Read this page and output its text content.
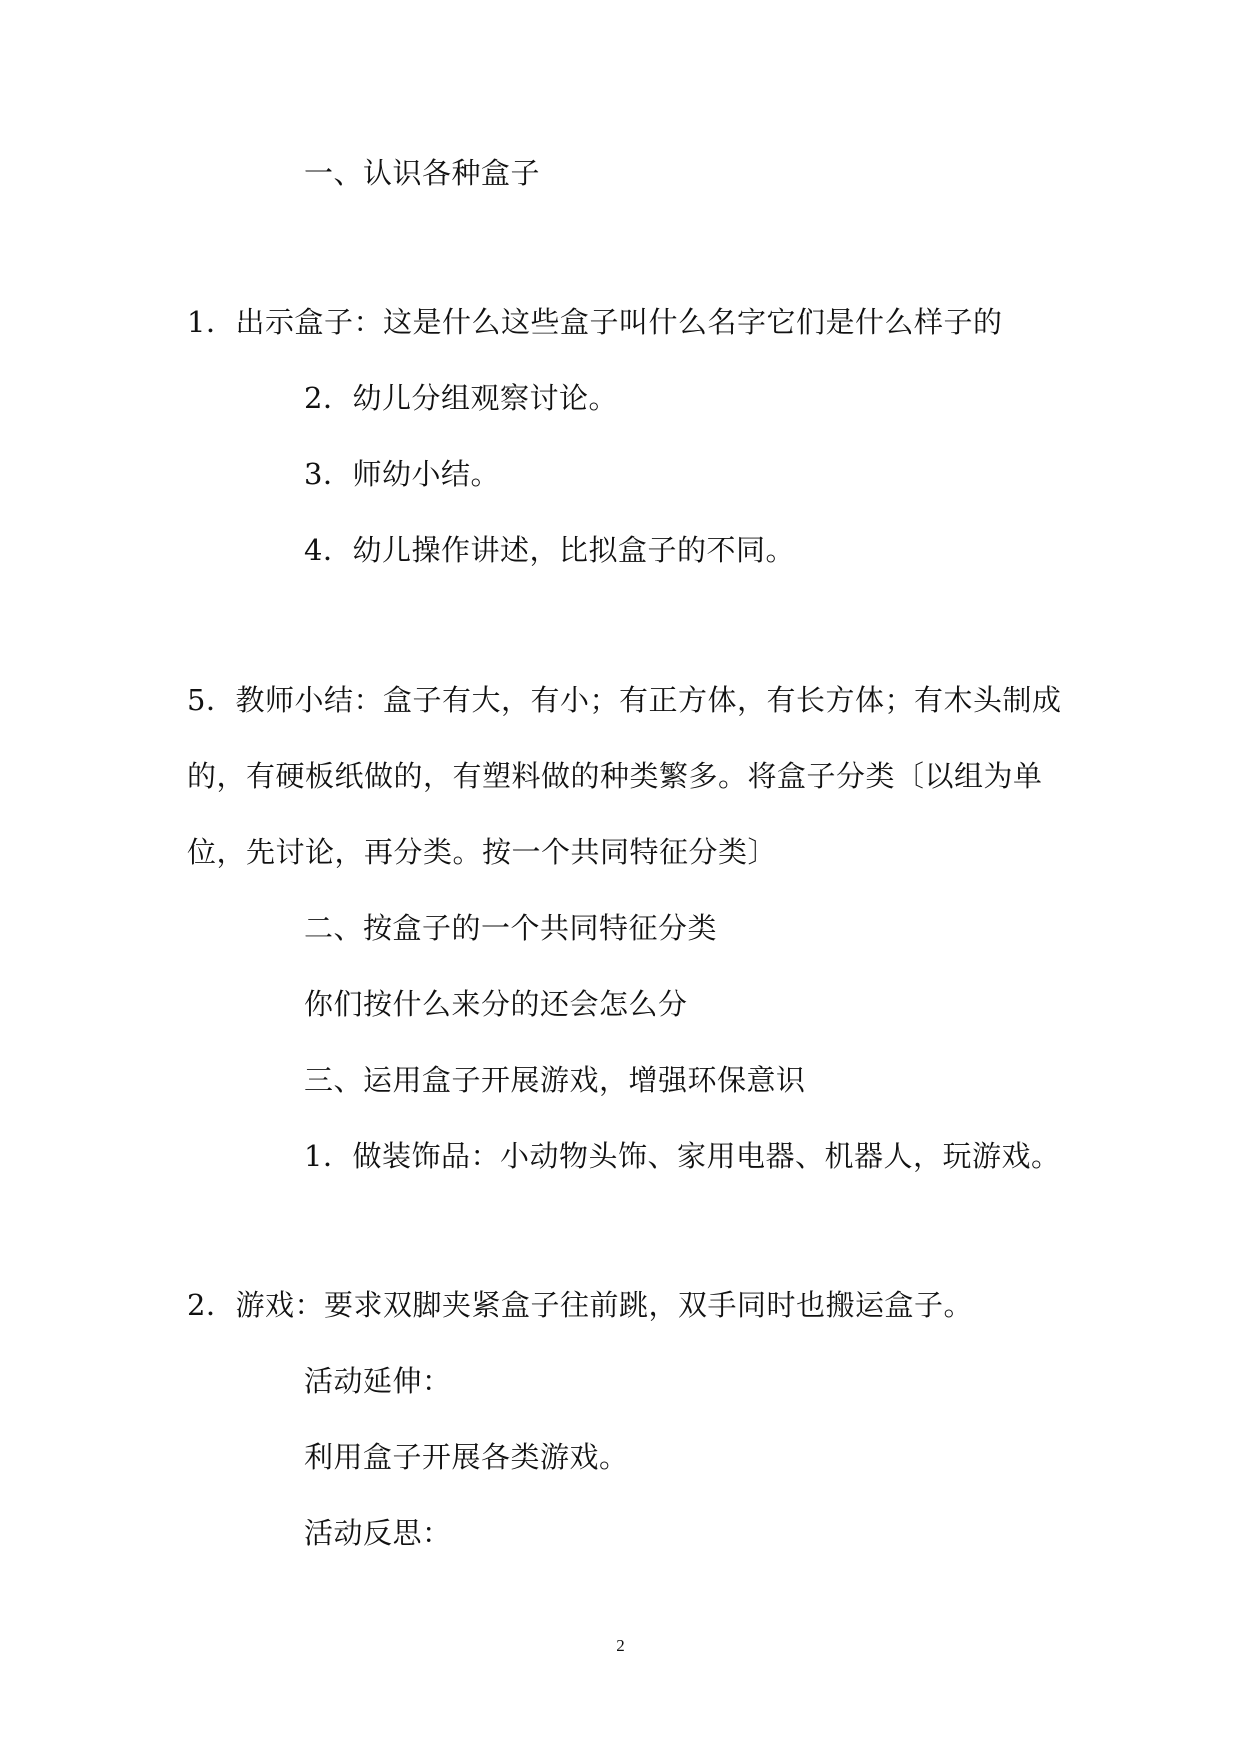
一、认识各种盒子
1．出示盒子：这是什么这些盒子叫什么名字它们是什么样子的
2．幼儿分组观察讨论。
3．师幼小结。
4．幼儿操作讲述，比拟盒子的不同。
5．教师小结：盒子有大，有小；有正方体，有长方体；有木头制成
的，有硬板纸做的，有塑料做的种类繁多。将盒子分类〔以组为单
位，先讨论，再分类。按一个共同特征分类〕
二、按盒子的一个共同特征分类
你们按什么来分的还会怎么分
三、运用盒子开展游戏，增强环保意识
1．做装饰品：小动物头饰、家用电器、机器人，玩游戏。
2．游戏：要求双脚夹紧盒子往前跳，双手同时也搬运盒子。
活动延伸：
利用盒子开展各类游戏。
活动反思：
2
